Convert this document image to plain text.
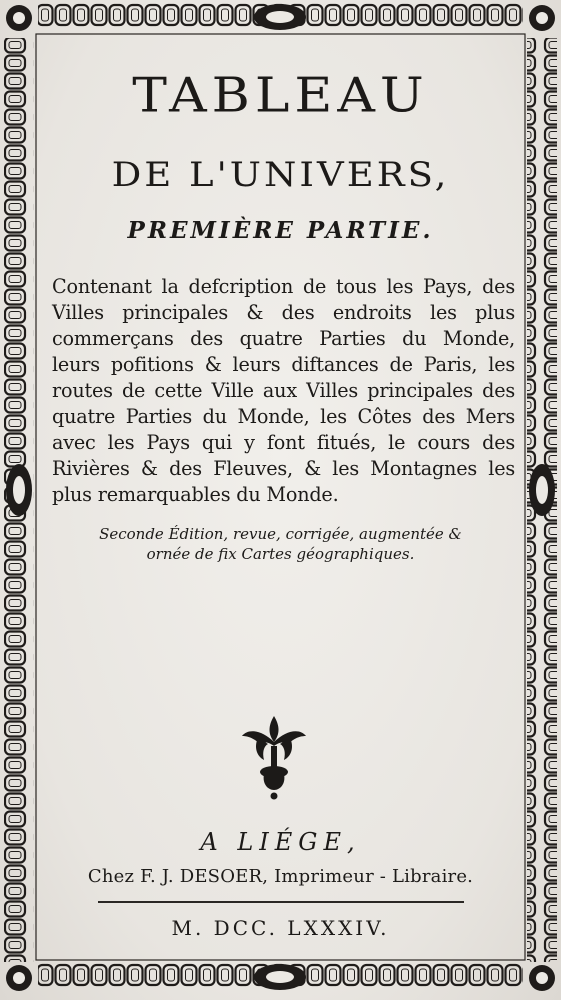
TABLEAU
DE L'UNIVERS,
PREMIÈRE PARTIE.
Contenant la defcription de tous les Pays, des Villes principales & des endroits les plus commerçans des quatre Parties du Monde, leurs pofitions & leurs diftances de Paris, les routes de cette Ville aux Villes principales des quatre Parties du Monde, les Côtes des Mers avec les Pays qui y font fitués, le cours des Rivières & des Fleuves, & les Montagnes les plus remarquables du Monde.
Seconde Édition, revue, corrigée, augmentée &
ornée de fix Cartes géographiques.
A LIÉGE,
Chez F. J. DESOER, Imprimeur - Libraire.
M. DCC. LXXXIV.
